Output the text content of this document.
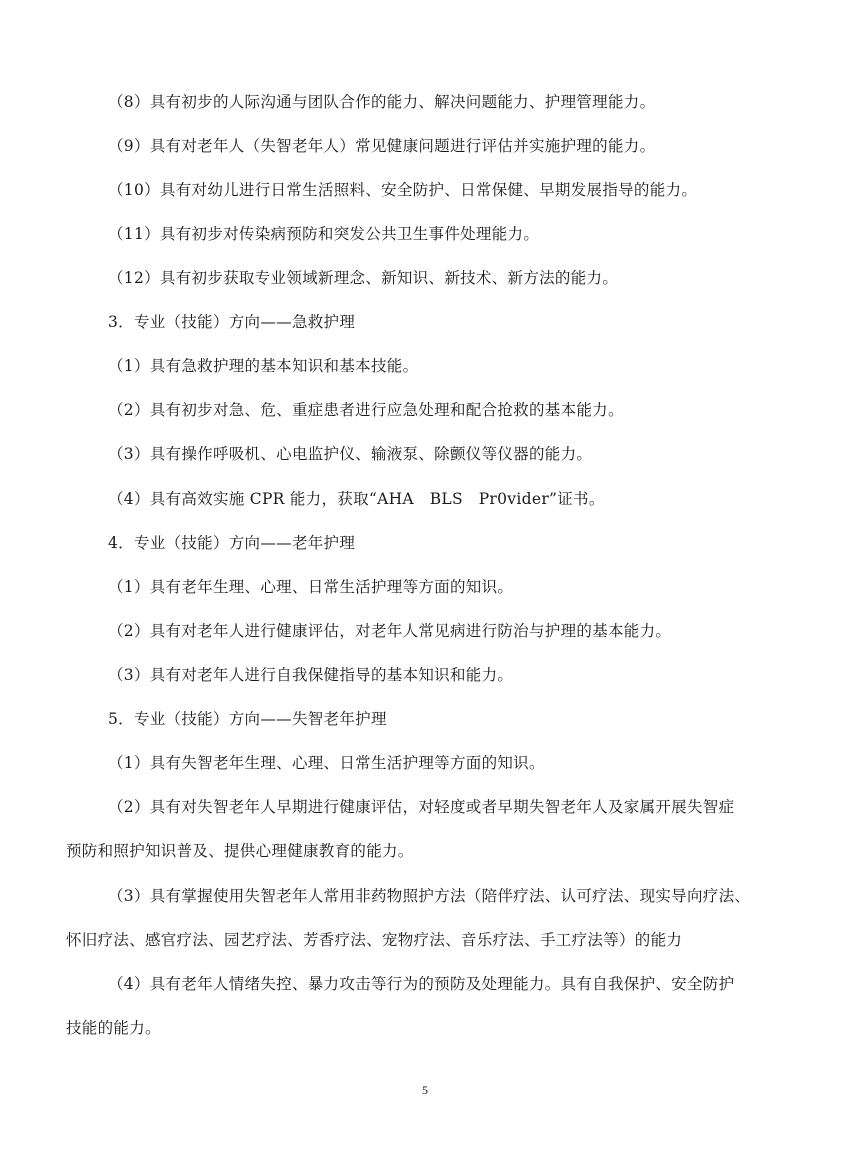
（8）具有初步的人际沟通与团队合作的能力、解决问题能力、护理管理能力。
（9）具有对老年人（失智老年人）常见健康问题进行评估并实施护理的能力。
（10）具有对幼儿进行日常生活照料、安全防护、日常保健、早期发展指导的能力。
（11）具有初步对传染病预防和突发公共卫生事件处理能力。
（12）具有初步获取专业领域新理念、新知识、新技术、新方法的能力。
3．专业（技能）方向——急救护理
（1）具有急救护理的基本知识和基本技能。
（2）具有初步对急、危、重症患者进行应急处理和配合抢救的基本能力。
（3）具有操作呼吸机、心电监护仪、输液泵、除颤仪等仪器的能力。
（4）具有高效实施 CPR 能力，获取“AHA　BLS　Pr0vider”证书。
4．专业（技能）方向——老年护理
（1）具有老年生理、心理、日常生活护理等方面的知识。
（2）具有对老年人进行健康评估，对老年人常见病进行防治与护理的基本能力。
（3）具有对老年人进行自我保健指导的基本知识和能力。
5．专业（技能）方向——失智老年护理
（1）具有失智老年生理、心理、日常生活护理等方面的知识。
（2）具有对失智老年人早期进行健康评估，对轻度或者早期失智老年人及家属开展失智症
预防和照护知识普及、提供心理健康教育的能力。
（3）具有掌握使用失智老年人常用非药物照护方法（陪伴疗法、认可疗法、现实导向疗法、
怀旧疗法、感官疗法、园艺疗法、芳香疗法、宠物疗法、音乐疗法、手工疗法等）的能力
（4）具有老年人情绪失控、暴力攻击等行为的预防及处理能力。具有自我保护、安全防护
技能的能力。
5
